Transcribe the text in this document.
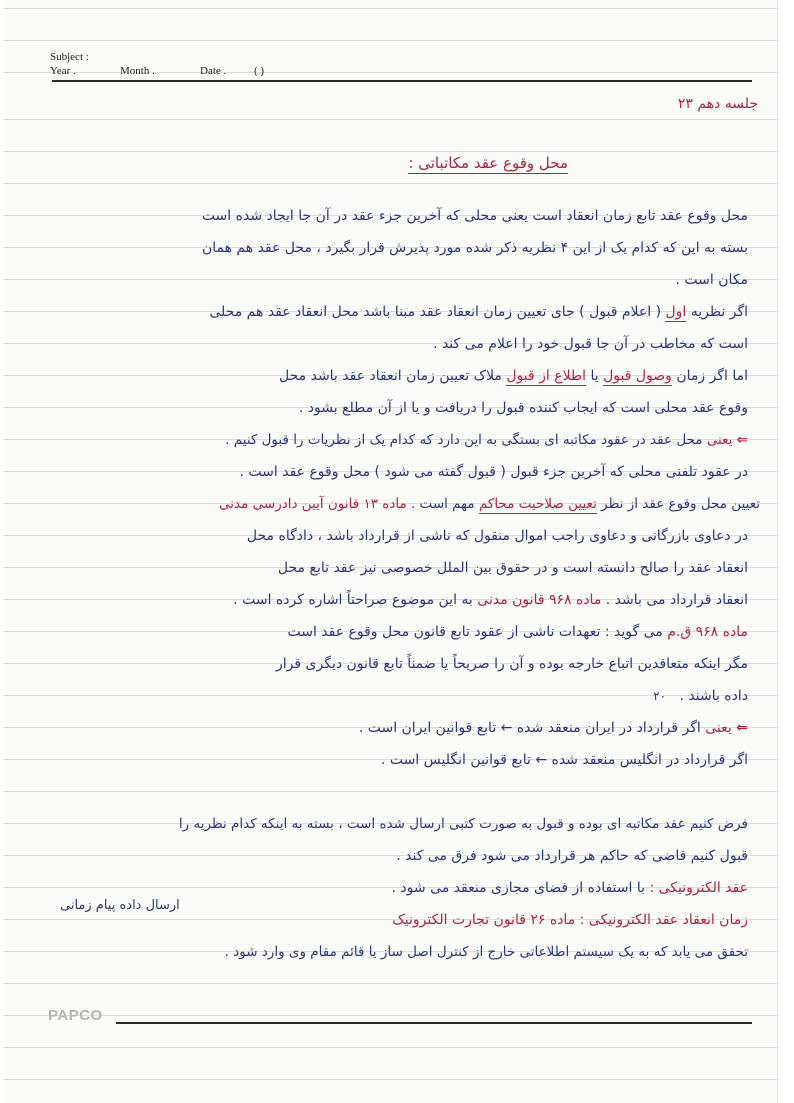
Subject :
Year .	Month .	Date .	( )
جلسه دهم ۲۳
محل وقوع عقد مکاتباتی :
محل وقوع عقد تابع زمان انعقاد است یعنی محلی که آخرین جزء عقد در آن جا ایجاد شده است
بسته به این که کدام یک از این ۴ نظریه ذکر شده مورد پذیرش قرار بگیرد ، محل عقد هم همان
مکان است .
اگر نظریه اول ( اعلام قبول ) جای تعیین زمان انعقاد عقد مبنا باشد محل انعقاد عقد هم محلی
است که مخاطب در آن جا قبول خود را اعلام می کند .
اما اگر زمان وصول قبول یا اطلاع از قبول ملاک تعیین زمان انعقاد عقد باشد محل
وقوع عقد محلی است که ایجاب کننده قبول را دریافت و یا از آن مطلع بشود .
⇐ یعنی محل عقد در عقود مکاتبه ای بستگی به این دارد که کدام یک از نظریات را قبول کنیم .
در عقود تلفنی محلی که آخرین جزء قبول ( قبول گفته می شود ) محل وقوع عقد است .
تعیین محل وقوع عقد از نظر تعیین صلاحیت محاکم مهم است . ماده ۱۳ قانون آیین دادرسی مدنی
در دعاوی بازرگانی و دعاوی راجب اموال منقول که ناشی از قرارداد باشد ، دادگاه محل
انعقاد عقد را صالح دانسته است و در حقوق بین الملل خصوصی نیز عقد تابع محل
انعقاد قرارداد می باشد . ماده ۹۶۸ قانون مدنی به این موضوع صراحتاً اشاره کرده است .
ماده ۹۶۸ ق.م می گوید : تعهدات ناشی از عقود تابع قانون محل وقوع عقد است
مگر اینکه متعاقدین اتباع خارجه بوده و آن را صریحاً یا ضمناً تابع قانون دیگری قرار
داده باشند .   ۲۰
⇐ یعنی اگر قرارداد در ایران منعقد شده ← تابع قوانین ایران است .
اگر قرارداد در انگلیس منعقد شده ← تابع قوانین انگلیس است .
فرض کنیم عقد مکاتبه ای بوده و قبول به صورت کتبی ارسال شده است ، بسته به اینکه کدام نظریه را
قبول کنیم قاضی که حاکم هر قرارداد می شود فرق می کند .
عقد الکترونیکی : با استفاده از فضای مجازی منعقد می شود .
زمان انعقاد عقد الکترونیکی : ماده ۲۶ قانون تجارت الکترونیک
ارسال داده پیام زمانی
تحقق می یابد که به یک سیستم اطلاعاتی خارج از کنترل اصل ساز یا قائم مقام وی وارد شود .
PAPCO
